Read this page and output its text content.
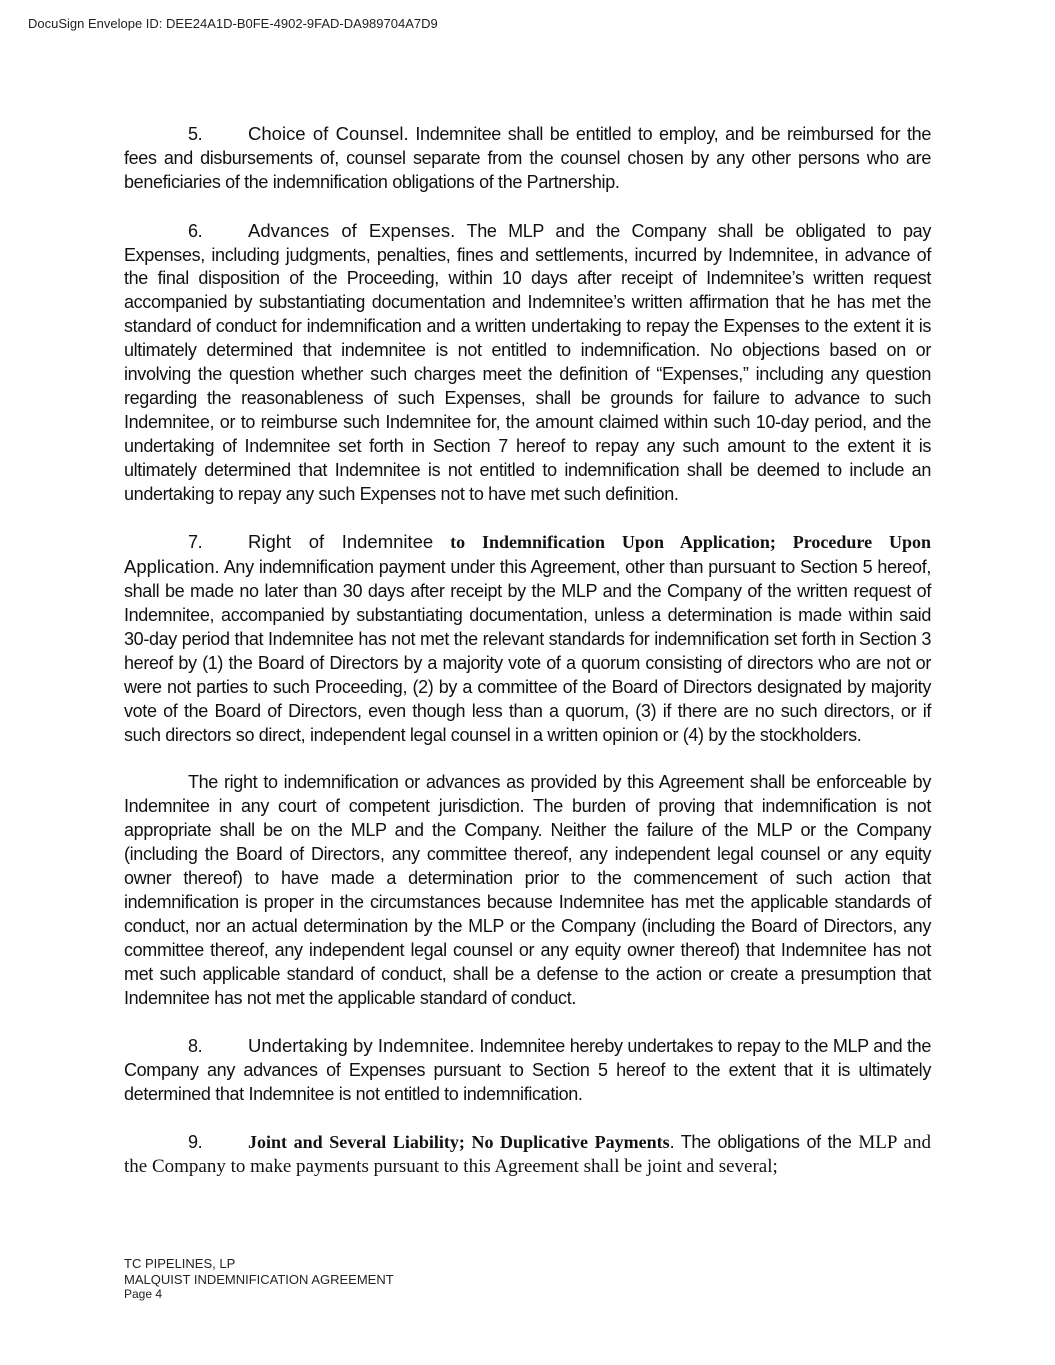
DocuSign Envelope ID: DEE24A1D-B0FE-4902-9FAD-DA989704A7D9

5. Choice of Counsel. Indemnitee shall be entitled to employ, and be reimbursed for the fees and disbursements of, counsel separate from the counsel chosen by any other persons who are beneficiaries of the indemnification obligations of the Partnership.

6. Advances of Expenses. The MLP and the Company shall be obligated to pay Expenses, including judgments, penalties, fines and settlements, incurred by Indemnitee, in advance of the final disposition of the Proceeding, within 10 days after receipt of Indemnitee’s written request accompanied by substantiating documentation and Indemnitee’s written affirmation that he has met the standard of conduct for indemnification and a written undertaking to repay the Expenses to the extent it is ultimately determined that indemnitee is not entitled to indemnification. No objections based on or involving the question whether such charges meet the definition of “Expenses,” including any question regarding the reasonableness of such Expenses, shall be grounds for failure to advance to such Indemnitee, or to reimburse such Indemnitee for, the amount claimed within such 10-day period, and the undertaking of Indemnitee set forth in Section 7 hereof to repay any such amount to the extent it is ultimately determined that Indemnitee is not entitled to indemnification shall be deemed to include an undertaking to repay any such Expenses not to have met such definition.

7. Right of Indemnitee to Indemnification Upon Application; Procedure Upon Application. Any indemnification payment under this Agreement, other than pursuant to Section 5 hereof, shall be made no later than 30 days after receipt by the MLP and the Company of the written request of Indemnitee, accompanied by substantiating documentation, unless a determination is made within said 30-day period that Indemnitee has not met the relevant standards for indemnification set forth in Section 3 hereof by (1) the Board of Directors by a majority vote of a quorum consisting of directors who are not or were not parties to such Proceeding, (2) by a committee of the Board of Directors designated by majority vote of the Board of Directors, even though less than a quorum, (3) if there are no such directors, or if such directors so direct, independent legal counsel in a written opinion or (4) by the stockholders.

The right to indemnification or advances as provided by this Agreement shall be enforceable by Indemnitee in any court of competent jurisdiction. The burden of proving that indemnification is not appropriate shall be on the MLP and the Company. Neither the failure of the MLP or the Company (including the Board of Directors, any committee thereof, any independent legal counsel or any equity owner thereof) to have made a determination prior to the commencement of such action that indemnification is proper in the circumstances because Indemnitee has met the applicable standards of conduct, nor an actual determination by the MLP or the Company (including the Board of Directors, any committee thereof, any independent legal counsel or any equity owner thereof) that Indemnitee has not met such applicable standard of conduct, shall be a defense to the action or create a presumption that Indemnitee has not met the applicable standard of conduct.

8. Undertaking by Indemnitee. Indemnitee hereby undertakes to repay to the MLP and the Company any advances of Expenses pursuant to Section 5 hereof to the extent that it is ultimately determined that Indemnitee is not entitled to indemnification.

9.	Joint and Several Liability; No Duplicative Payments. The obligations of the MLP and the Company to make payments pursuant to this Agreement shall be joint and several;

TC PIPELINES, LP
MALQUIST INDEMNIFICATION AGREEMENT
Page 4
